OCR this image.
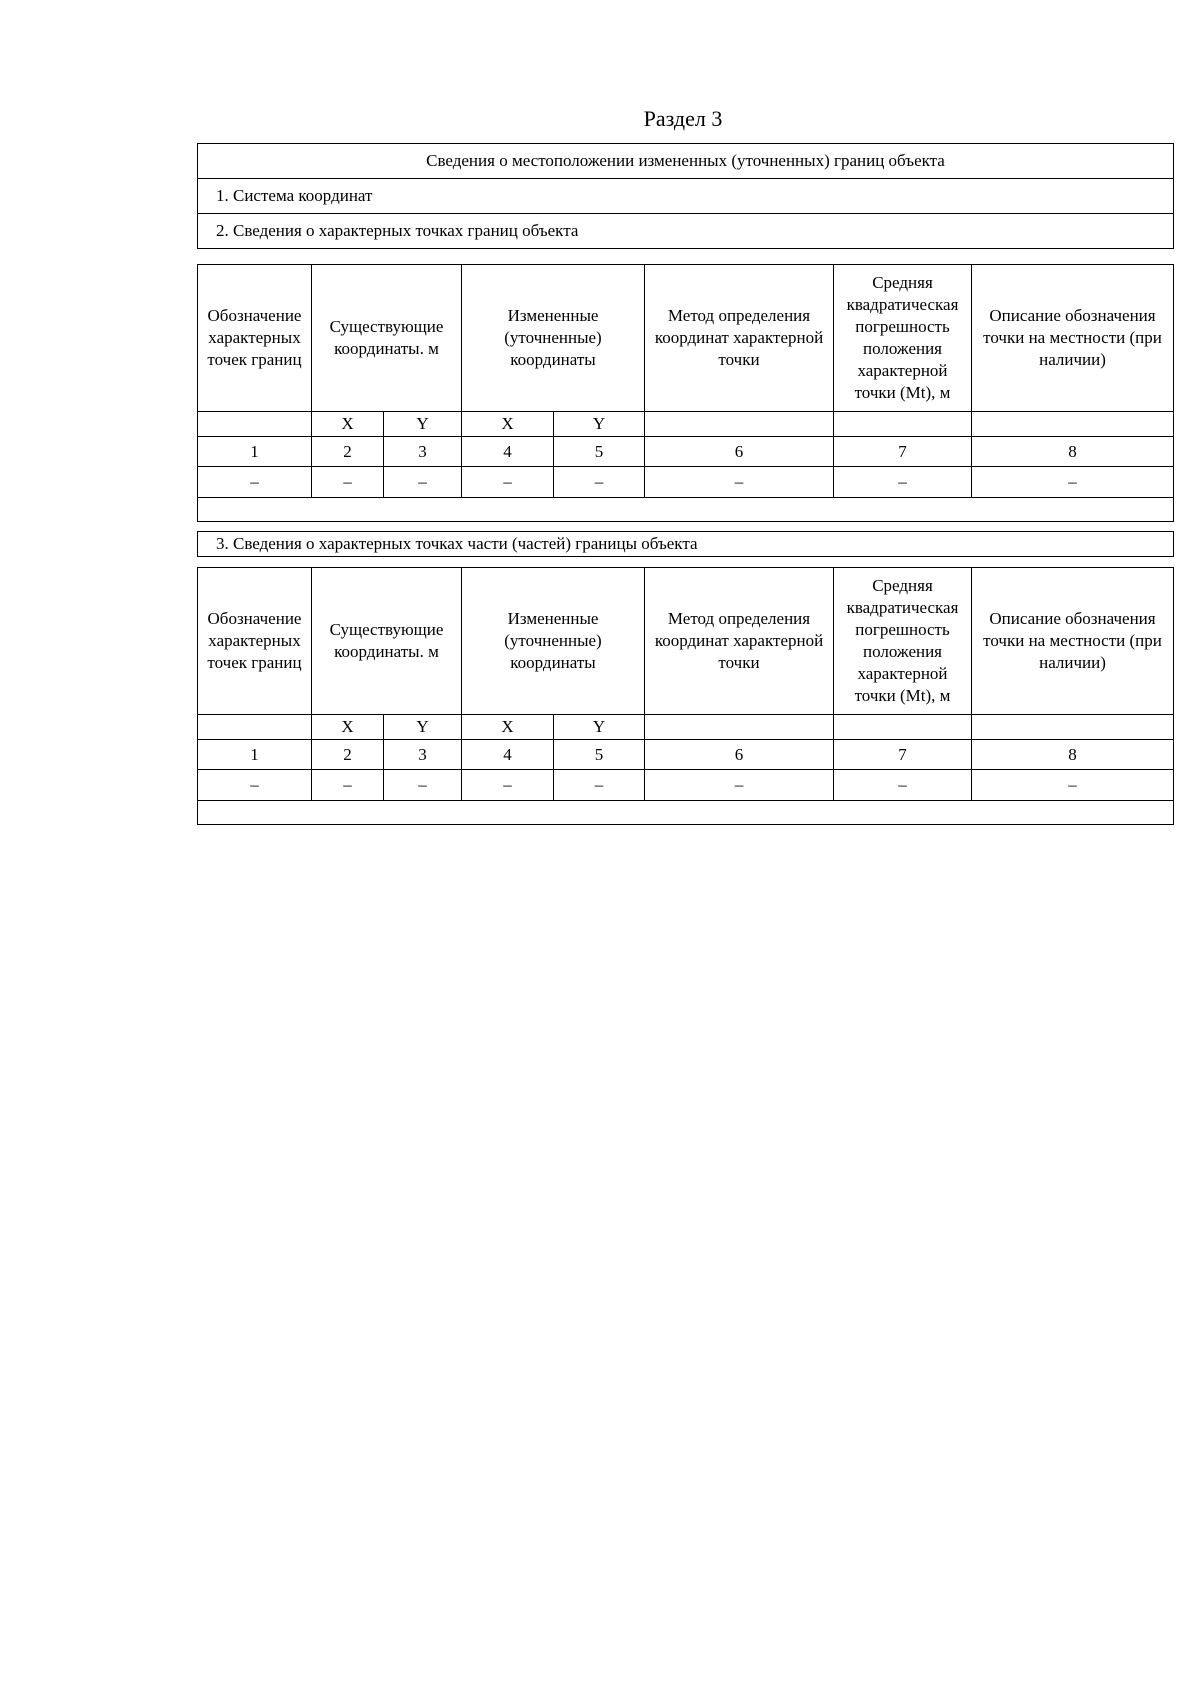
Раздел 3
Сведения о местоположении измененных (уточненных) границ объекта
1. Система координат
2. Сведения о характерных точках границ объекта
Обозначение характерных точек границ	Существующие координаты. м		Измененные (уточненные) координаты		Метод определения координат характерной точки	Средняя квадратическая погрешность положения характерной точки (Mt), м	Описание обозначения точки на местности (при наличии)

	X	Y	X	Y			
1	2	3	4	5	6	7	8
–	–	–	–	–	–	–	–

3. Сведения о характерных точках части (частей) границы объекта
Обозначение характерных точек границ	Существующие координаты. м		Измененные (уточненные) координаты		Метод определения координат характерной точки	Средняя квадратическая погрешность положения характерной точки (Mt), м	Описание обозначения точки на местности (при наличии)

	X	Y	X	Y			
1	2	3	4	5	6	7	8
–	–	–	–	–	–	–	–
